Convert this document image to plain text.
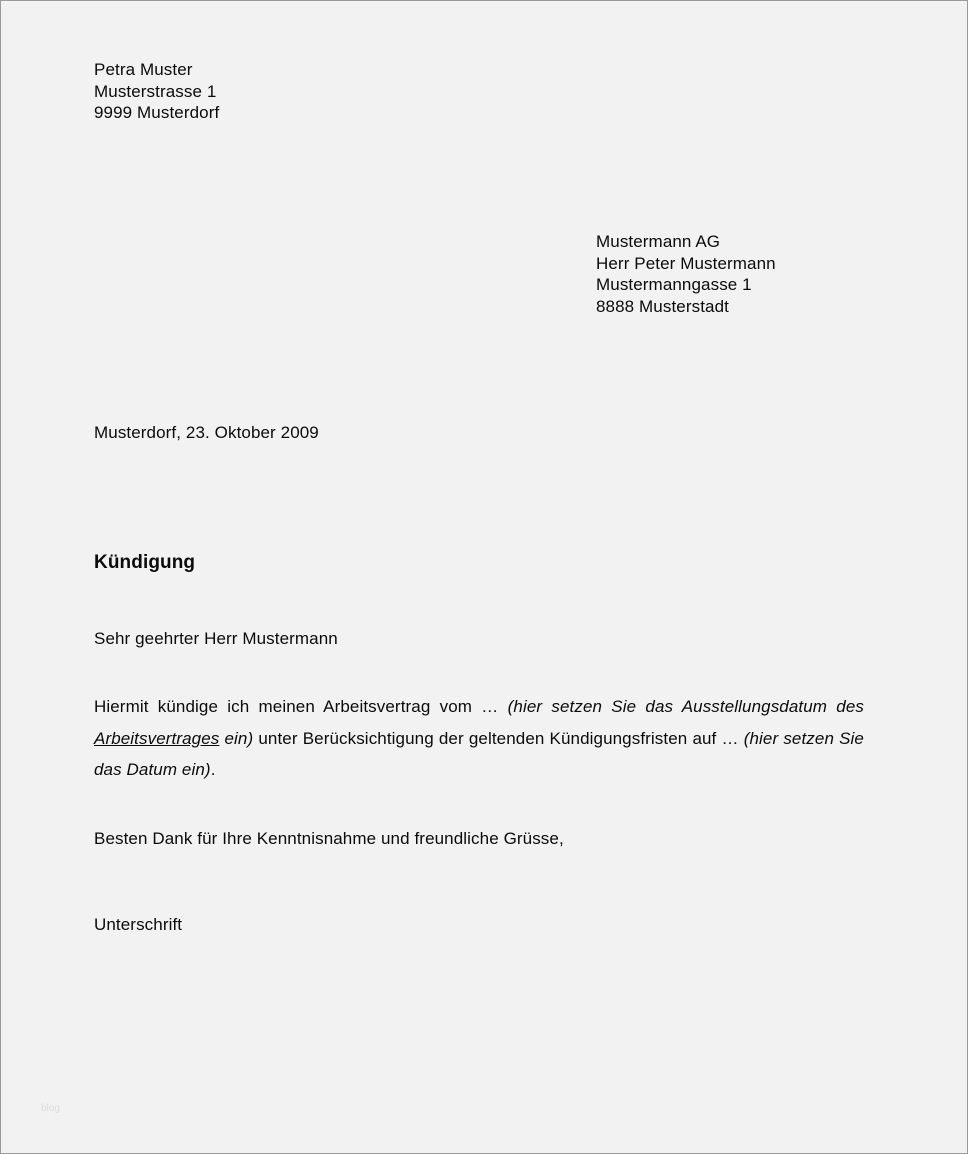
Petra Muster
Musterstrasse 1
9999 Musterdorf
Mustermann AG
Herr Peter Mustermann
Mustermanngasse 1
8888 Musterstadt
Musterdorf, 23. Oktober 2009
Kündigung
Sehr geehrter Herr Mustermann
Hiermit kündige ich meinen Arbeitsvertrag vom … (hier setzen Sie das Ausstellungsdatum des Arbeitsvertrages ein) unter Berücksichtigung der geltenden Kündigungsfristen auf … (hier setzen Sie das Datum ein).
Besten Dank für Ihre Kenntnisnahme und freundliche Grüsse,
Unterschrift
blog
